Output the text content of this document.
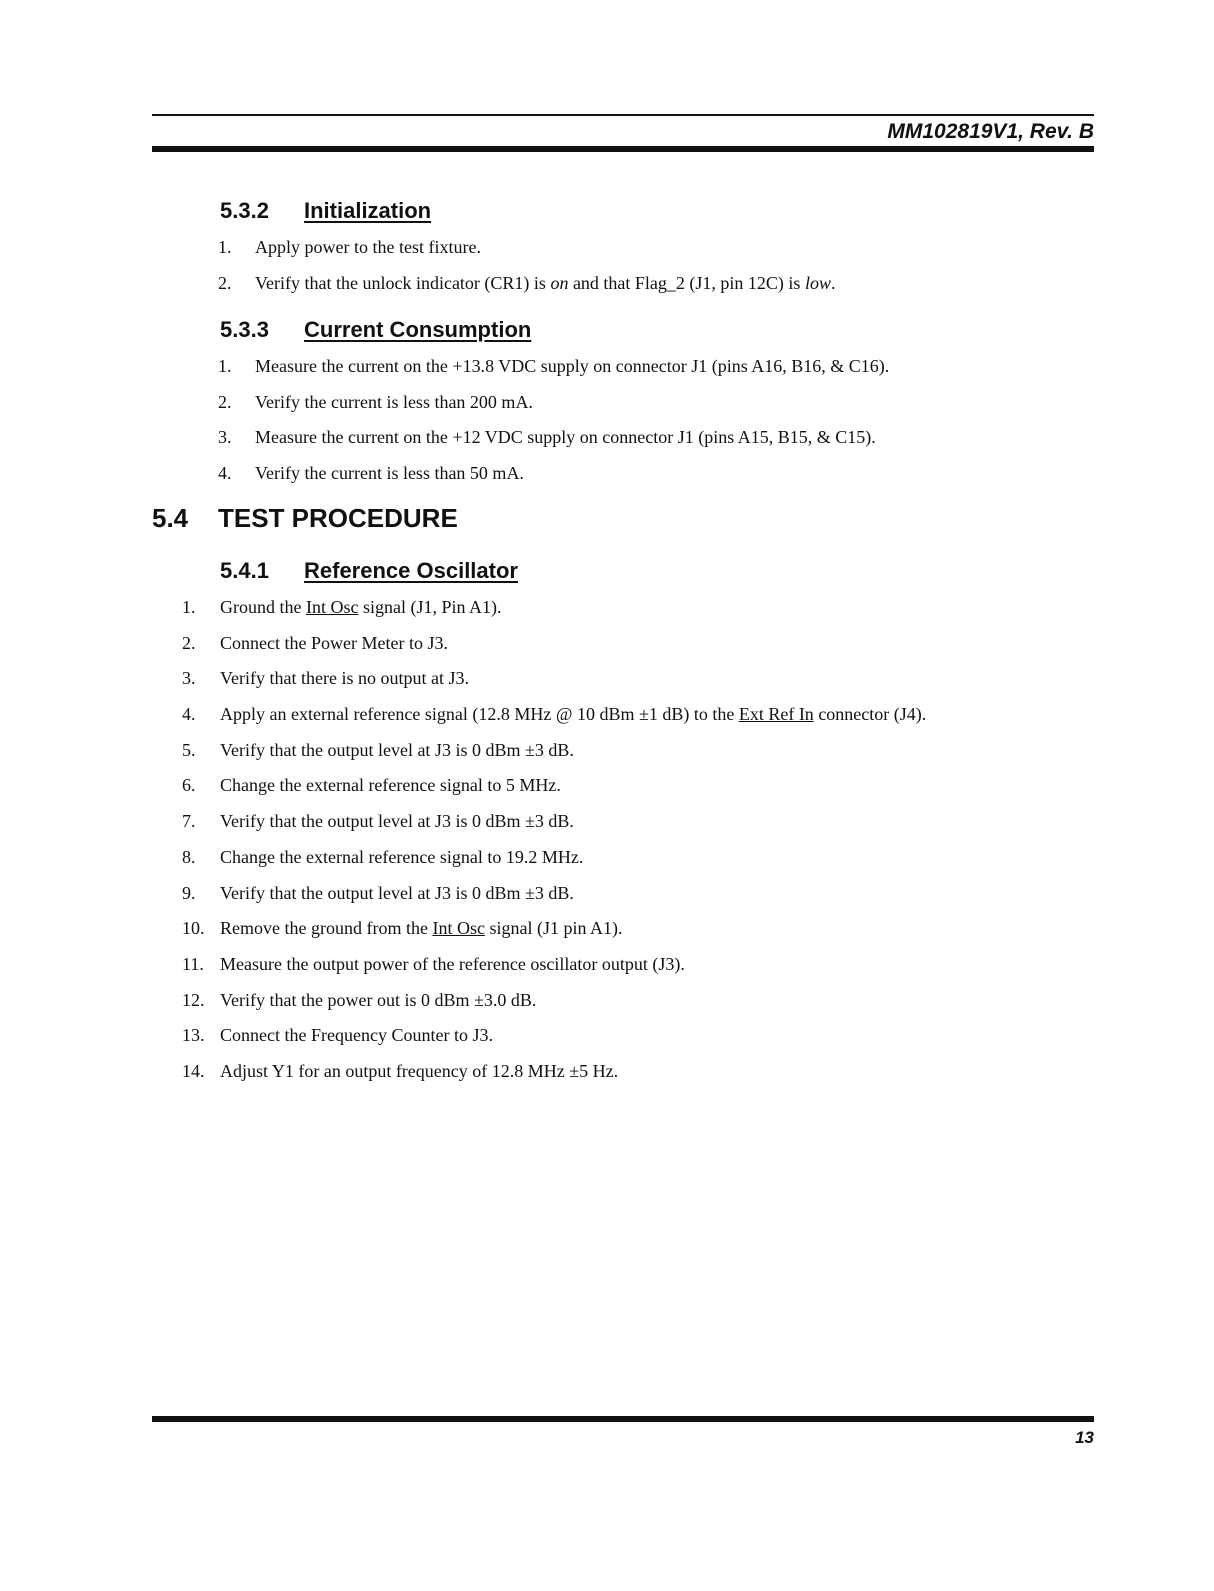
MM102819V1, Rev. B
5.3.2 Initialization
1. Apply power to the test fixture.
2. Verify that the unlock indicator (CR1) is on and that Flag_2 (J1, pin 12C) is low.
5.3.3 Current Consumption
1. Measure the current on the +13.8 VDC supply on connector J1 (pins A16, B16, & C16).
2. Verify the current is less than 200 mA.
3. Measure the current on the +12 VDC supply on connector J1 (pins A15, B15, & C15).
4. Verify the current is less than 50 mA.
5.4 TEST PROCEDURE
5.4.1 Reference Oscillator
1. Ground the Int Osc signal (J1, Pin A1).
2. Connect the Power Meter to J3.
3. Verify that there is no output at J3.
4. Apply an external reference signal (12.8 MHz @ 10 dBm ±1 dB) to the Ext Ref In connector (J4).
5. Verify that the output level at J3 is 0 dBm ±3 dB.
6. Change the external reference signal to 5 MHz.
7. Verify that the output level at J3 is 0 dBm ±3 dB.
8. Change the external reference signal to 19.2 MHz.
9. Verify that the output level at J3 is 0 dBm ±3 dB.
10. Remove the ground from the Int Osc signal (J1 pin A1).
11. Measure the output power of the reference oscillator output (J3).
12. Verify that the power out is 0 dBm ±3.0 dB.
13. Connect the Frequency Counter to J3.
14. Adjust Y1 for an output frequency of 12.8 MHz ±5 Hz.
13
